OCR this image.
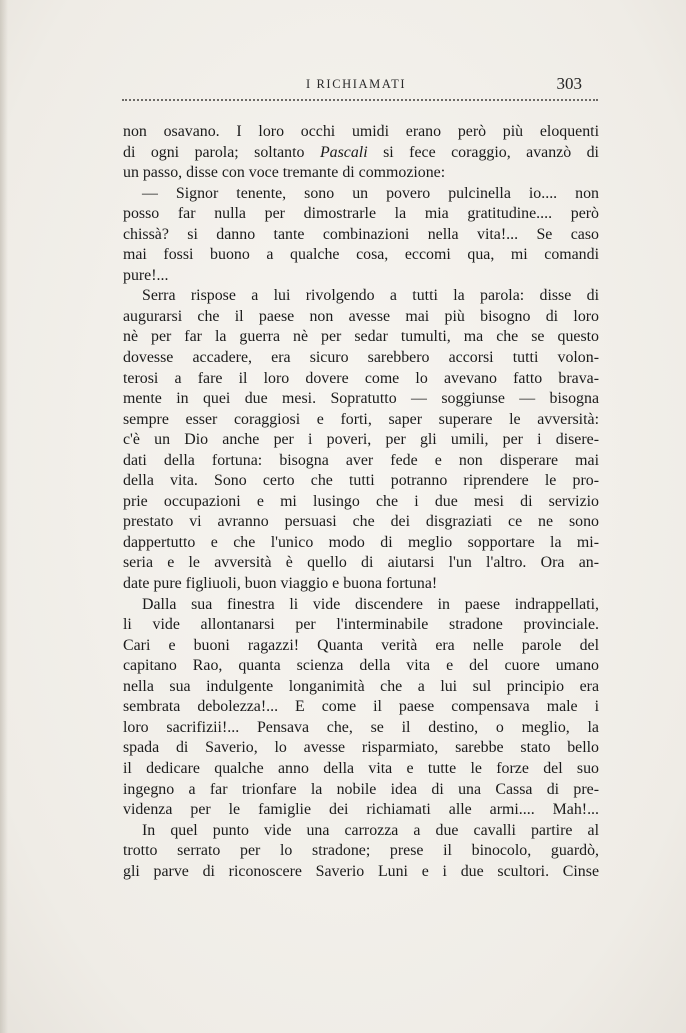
I RICHIAMATI	303
non osavano. I loro occhi umidi erano però più eloquenti
di ogni parola; soltanto Pascali si fece coraggio, avanzò di
un passo, disse con voce tremante di commozione:
— Signor tenente, sono un povero pulcinella io.... non
posso far nulla per dimostrarle la mia gratitudine.... però
chissà? si danno tante combinazioni nella vita!... Se caso
mai fossi buono a qualche cosa, eccomi qua, mi comandi
pure!...
Serra rispose a lui rivolgendo a tutti la parola: disse di
augurarsi che il paese non avesse mai più bisogno di loro
nè per far la guerra nè per sedar tumulti, ma che se questo
dovesse accadere, era sicuro sarebbero accorsi tutti volon-
terosi a fare il loro dovere come lo avevano fatto brava-
mente in quei due mesi. Sopratutto — soggiunse — bisogna
sempre esser coraggiosi e forti, saper superare le avversità:
c'è un Dio anche per i poveri, per gli umili, per i disere-
dati della fortuna: bisogna aver fede e non disperare mai
della vita. Sono certo che tutti potranno riprendere le pro-
prie occupazioni e mi lusingo che i due mesi di servizio
prestato vi avranno persuasi che dei disgraziati ce ne sono
dappertutto e che l'unico modo di meglio sopportare la mi-
seria e le avversità è quello di aiutarsi l'un l'altro. Ora an-
date pure figliuoli, buon viaggio e buona fortuna!
Dalla sua finestra li vide discendere in paese indrappellati,
li vide allontanarsi per l'interminabile stradone provinciale.
Cari e buoni ragazzi! Quanta verità era nelle parole del
capitano Rao, quanta scienza della vita e del cuore umano
nella sua indulgente longanimità che a lui sul principio era
sembrata debolezza!... E come il paese compensava male i
loro sacrifizii!... Pensava che, se il destino, o meglio, la
spada di Saverio, lo avesse risparmiato, sarebbe stato bello
il dedicare qualche anno della vita e tutte le forze del suo
ingegno a far trionfare la nobile idea di una Cassa di pre-
videnza per le famiglie dei richiamati alle armi.... Mah!...
In quel punto vide una carrozza a due cavalli partire al
trotto serrato per lo stradone; prese il binocolo, guardò,
gli parve di riconoscere Saverio Luni e i due scultori. Cinse
